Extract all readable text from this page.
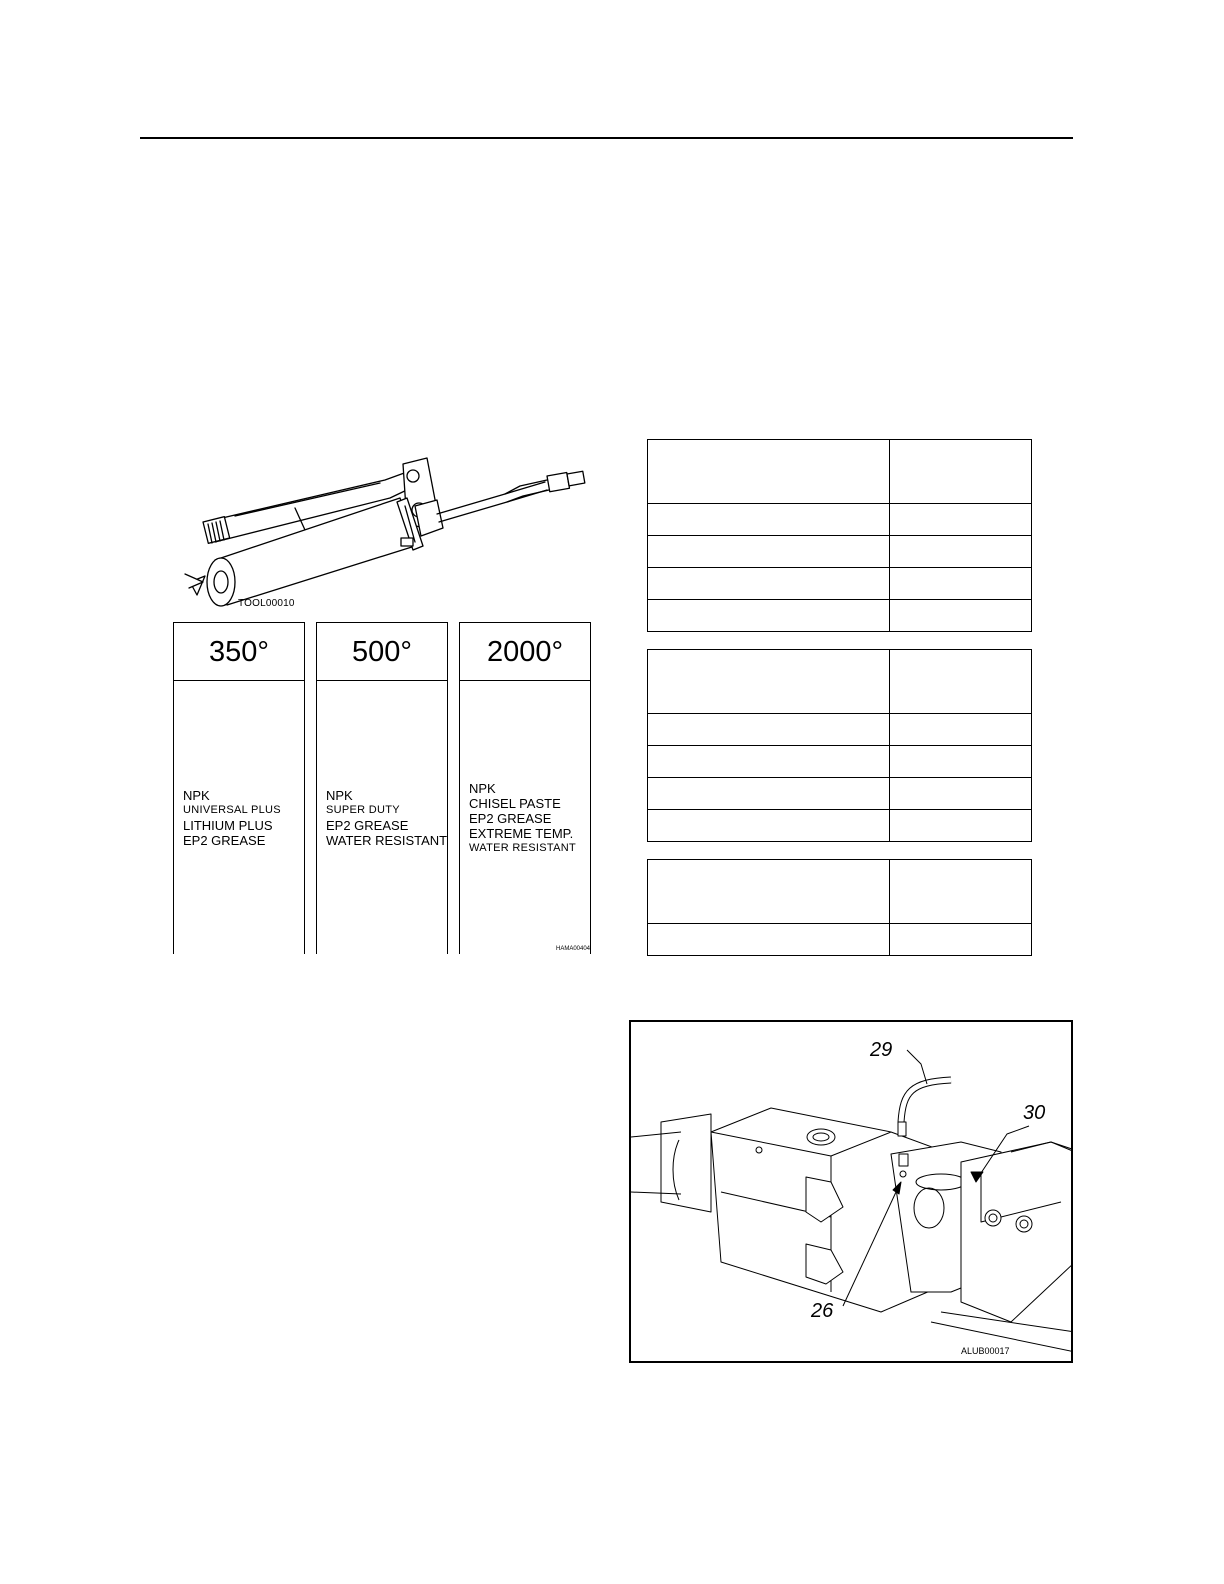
TOOL00010
350°
NPK
UNIVERSAL PLUS
LITHIUM PLUS
EP2 GREASE
500°
NPK
SUPER DUTY
EP2 GREASE
WATER RESISTANT
2000°
NPK
CHISEL PASTE
EP2 GREASE
EXTREME TEMP.
WATER RESISTANT
HAMA00404

29
30
26
ALUB00017
